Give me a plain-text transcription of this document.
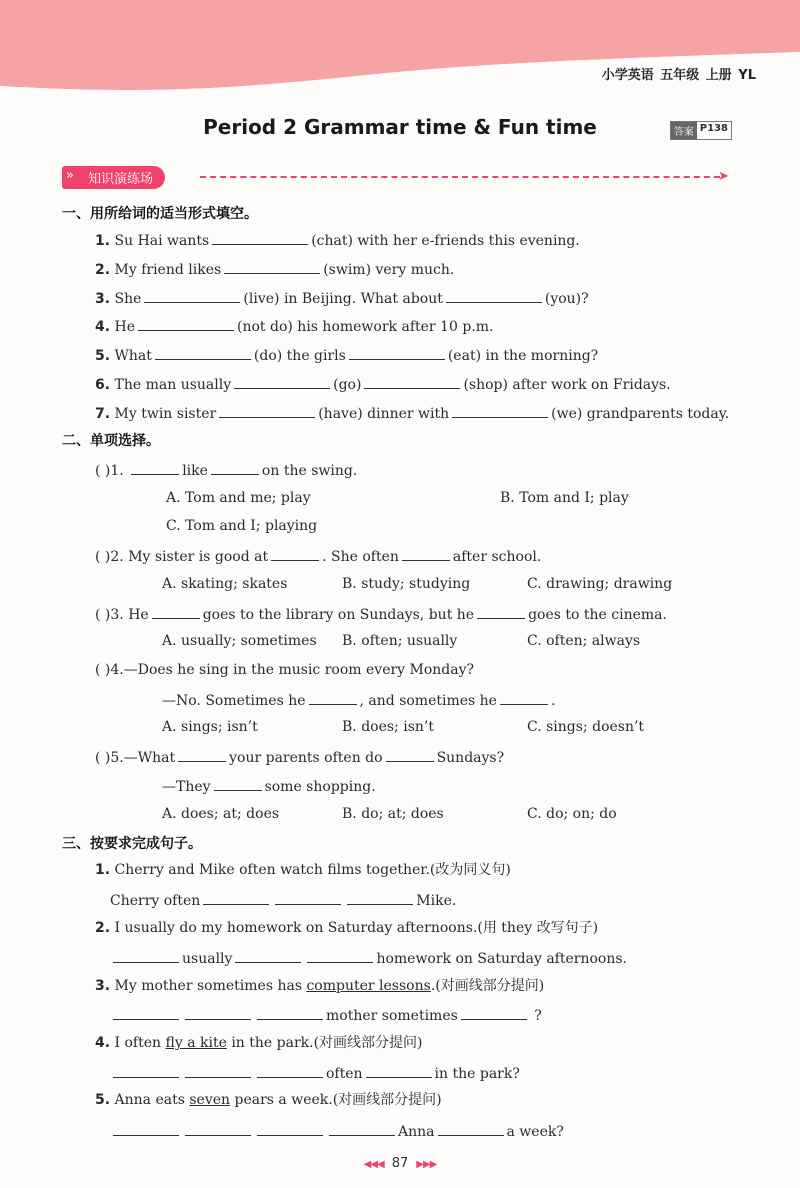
小学英语 五年级 上册 YL
Period 2 Grammar time & Fun time	答案 P138
» 知识演练场	➤
一、用所给词的适当形式填空。
1. Su Hai wants	(chat) with her e-friends this evening.
2. My friend likes	(swim) very much.
3. She	(live) in Beijing. What about	(you)?
4. He	(not do) his homework after 10 p.m.
5. What	(do) the girls	(eat) in the morning?
6. The man usually	(go)	(shop) after work on Fridays.
7. My twin sister	(have) dinner with	(we) grandparents today.
二、单项选择。
( )1.	like	on the swing.
A. Tom and me; play	B. Tom and I; play
C. Tom and I; playing
( )2. My sister is good at	. She often	after school.
A. skating; skates	B. study; studying	C. drawing; drawing
( )3. He	goes to the library on Sundays, but he	goes to the cinema.
A. usually; sometimes B. often; usually	C. often; always
( )4.—Does he sing in the music room every Monday?
—No. Sometimes he	, and sometimes he	.
A. sings; isn’t	B. does; isn’t	C. sings; doesn’t
( )5.—What	your parents often do	Sundays?
—They	some shopping.
A. does; at; does	B. do; at; does	C. do; on; do
三、按要求完成句子。
1. Cherry and Mike often watch films together.(改为同义句)
Cherry often	Mike.
2. I usually do my homework on Saturday afternoons.(用 they 改写句子)
usually	homework on Saturday afternoons.
3. My mother sometimes has computer lessons.(对画线部分提问)
mother sometimes	?
4. I often fly a kite in the park.(对画线部分提问)
often	in the park?
5. Anna eats seven pears a week.(对画线部分提问)
Anna	a week?
◀◀◀ 87 ▶▶▶
